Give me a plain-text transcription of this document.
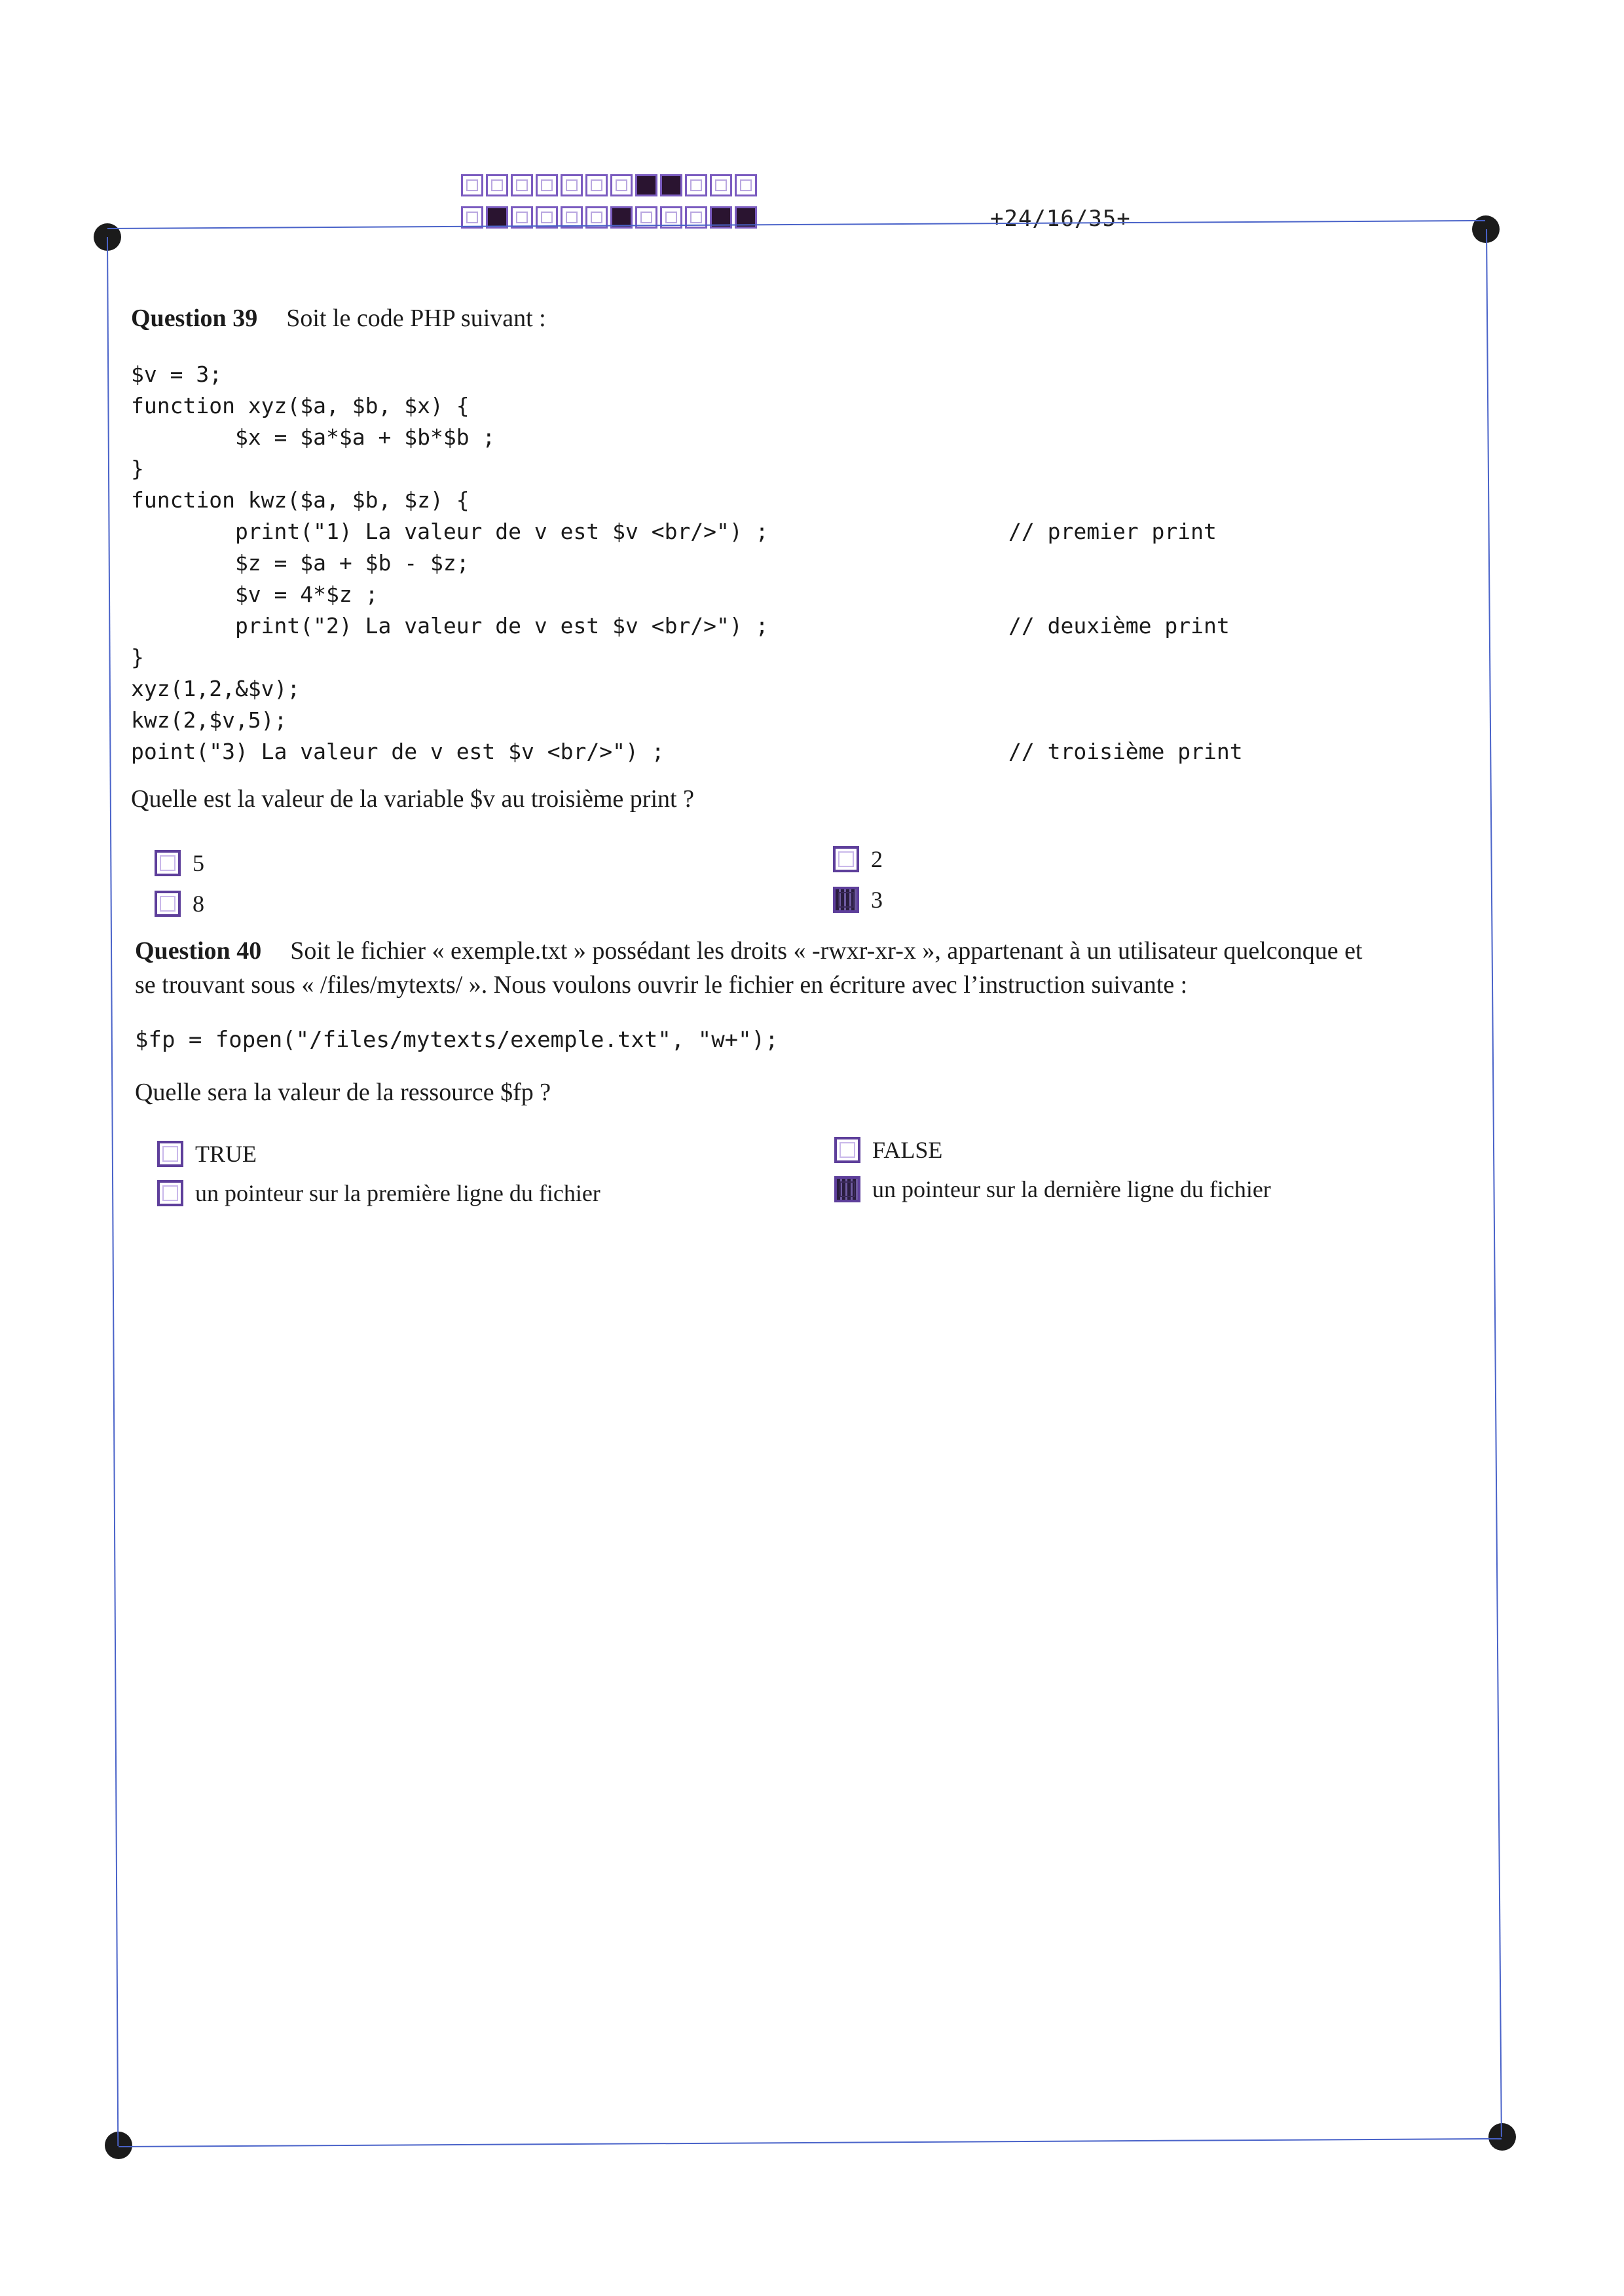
+24/16/35+

Question 39 Soit le code PHP suivant :

$v = 3;
function xyz($a, $b, $x) {
$x = $a*$a + $b*$b ;
}
function kwz($a, $b, $z) {
print("1) La valeur de v est $v <br/>") ;	// premier print
$z = $a + $b - $z;
$v = 4*$z ;
print("2) La valeur de v est $v <br/>") ;	// deuxième print
}
xyz(1,2,&$v);
kwz(2,$v,5);
point("3) La valeur de v est $v <br/>") ;	// troisième print

Quelle est la valeur de la variable $v au troisième print ?

5	2
8	3

Question 40 Soit le fichier « exemple.txt » possédant les droits « -rwxr-xr-x », appartenant à un utilisateur quelconque et

se trouvant sous « /files/mytexts/ ». Nous voulons ouvrir le fichier en écriture avec l’instruction suivante :

$fp = fopen("/files/mytexts/exemple.txt", "w+");

Quelle sera la valeur de la ressource $fp ?

TRUE	FALSE
un pointeur sur la première ligne du fichier	un pointeur sur la dernière ligne du fichier
